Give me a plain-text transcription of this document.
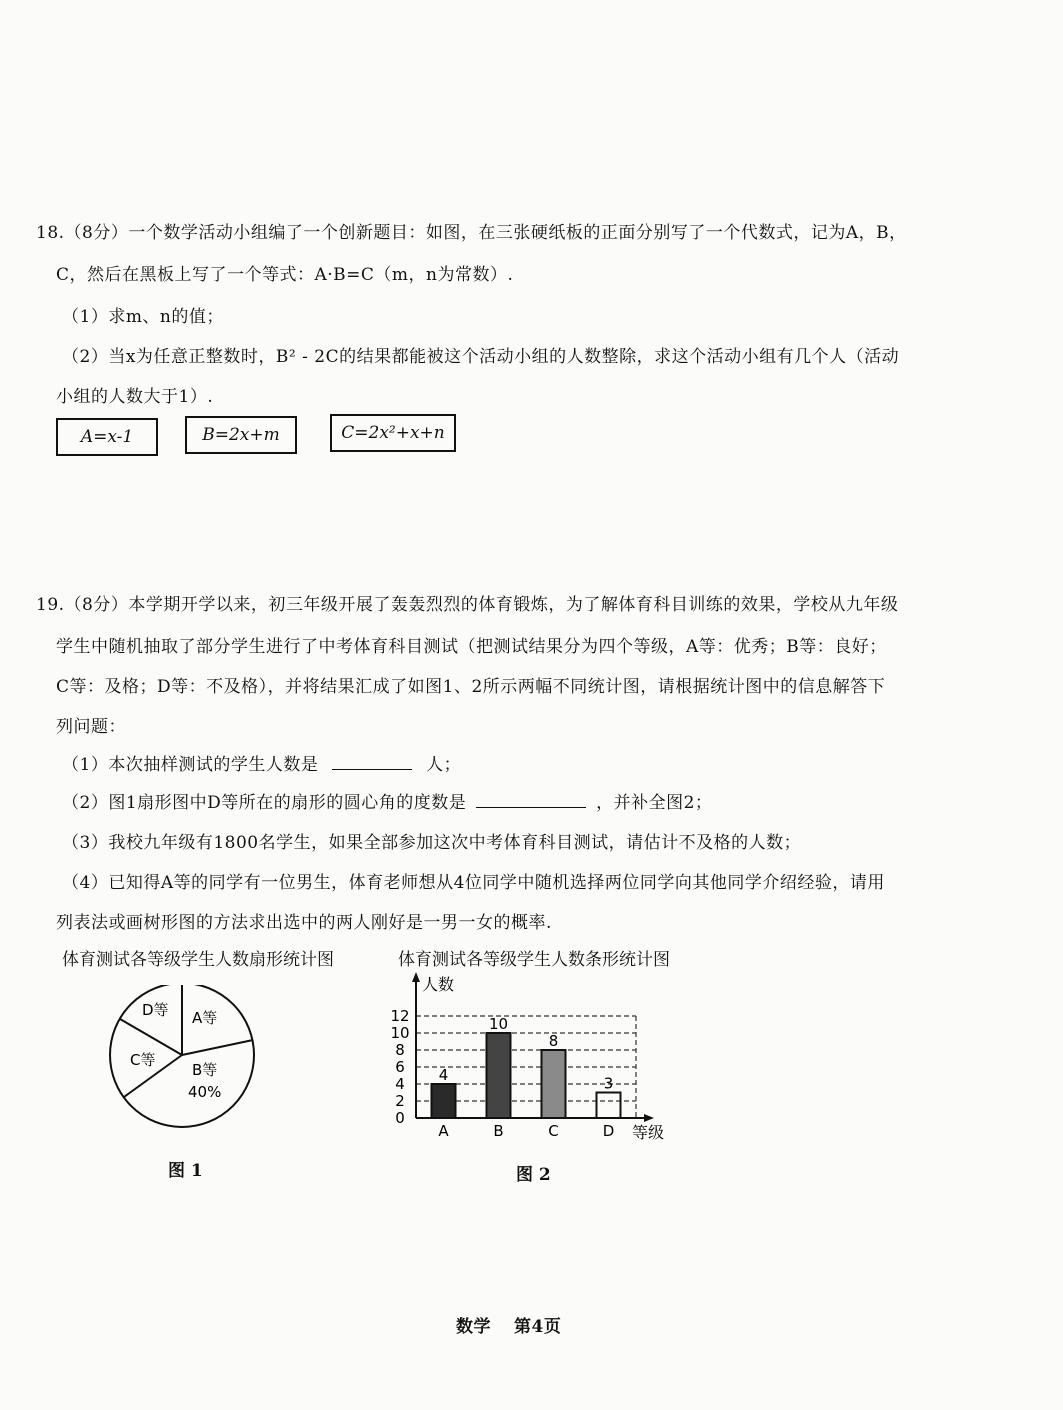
18.（8分）一个数学活动小组编了一个创新题目：如图，在三张硬纸板的正面分别写了一个代数式，记为A，B，
C，然后在黑板上写了一个等式：A·B=C（m，n为常数）.
（1）求m、n的值；
（2）当x为任意正整数时，B² - 2C的结果都能被这个活动小组的人数整除，求这个活动小组有几个人（活动
小组的人数大于1）.
A=x-1	B=2x+m	C=2x²+x+n
19.（8分）本学期开学以来，初三年级开展了轰轰烈烈的体育锻炼，为了解体育科目训练的效果，学校从九年级
学生中随机抽取了部分学生进行了中考体育科目测试（把测试结果分为四个等级，A等：优秀；B等：良好；
C等：及格；D等：不及格），并将结果汇成了如图1、2所示两幅不同统计图，请根据统计图中的信息解答下
列问题：
（1）本次抽样测试的学生人数是	人；
（2）图1扇形图中D等所在的扇形的圆心角的度数是	，并补全图2；
（3）我校九年级有1800名学生，如果全部参加这次中考体育科目测试，请估计不及格的人数；
（4）已知得A等的同学有一位男生，体育老师想从4位同学中随机选择两位同学向其他同学介绍经验，请用
列表法或画树形图的方法求出选中的两人刚好是一男一女的概率.
体育测试各等级学生人数扇形统计图	体育测试各等级学生人数条形统计图
A等
B等
40%
C等
D等
图 1
0
2
4
6
8
10
12
4
A
10
B
8
C
3
D
人数
等级
图 2
数学 第4页
